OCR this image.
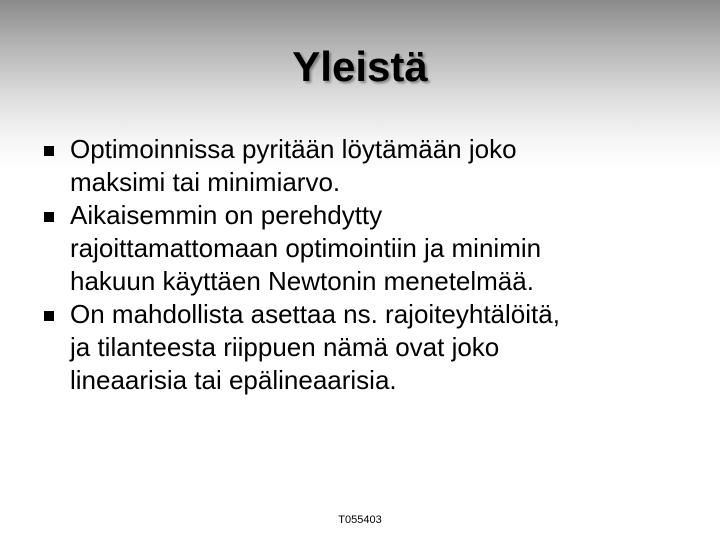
Yleistä
Optimoinnissa pyritään löytämään joko
maksimi tai minimiarvo.
Aikaisemmin on perehdytty
rajoittamattomaan optimointiin ja minimin
hakuun käyttäen Newtonin menetelmää.
On mahdollista asettaa ns. rajoiteyhtälöitä,
ja tilanteesta riippuen nämä ovat joko
lineaarisia tai epälineaarisia.
T055403
